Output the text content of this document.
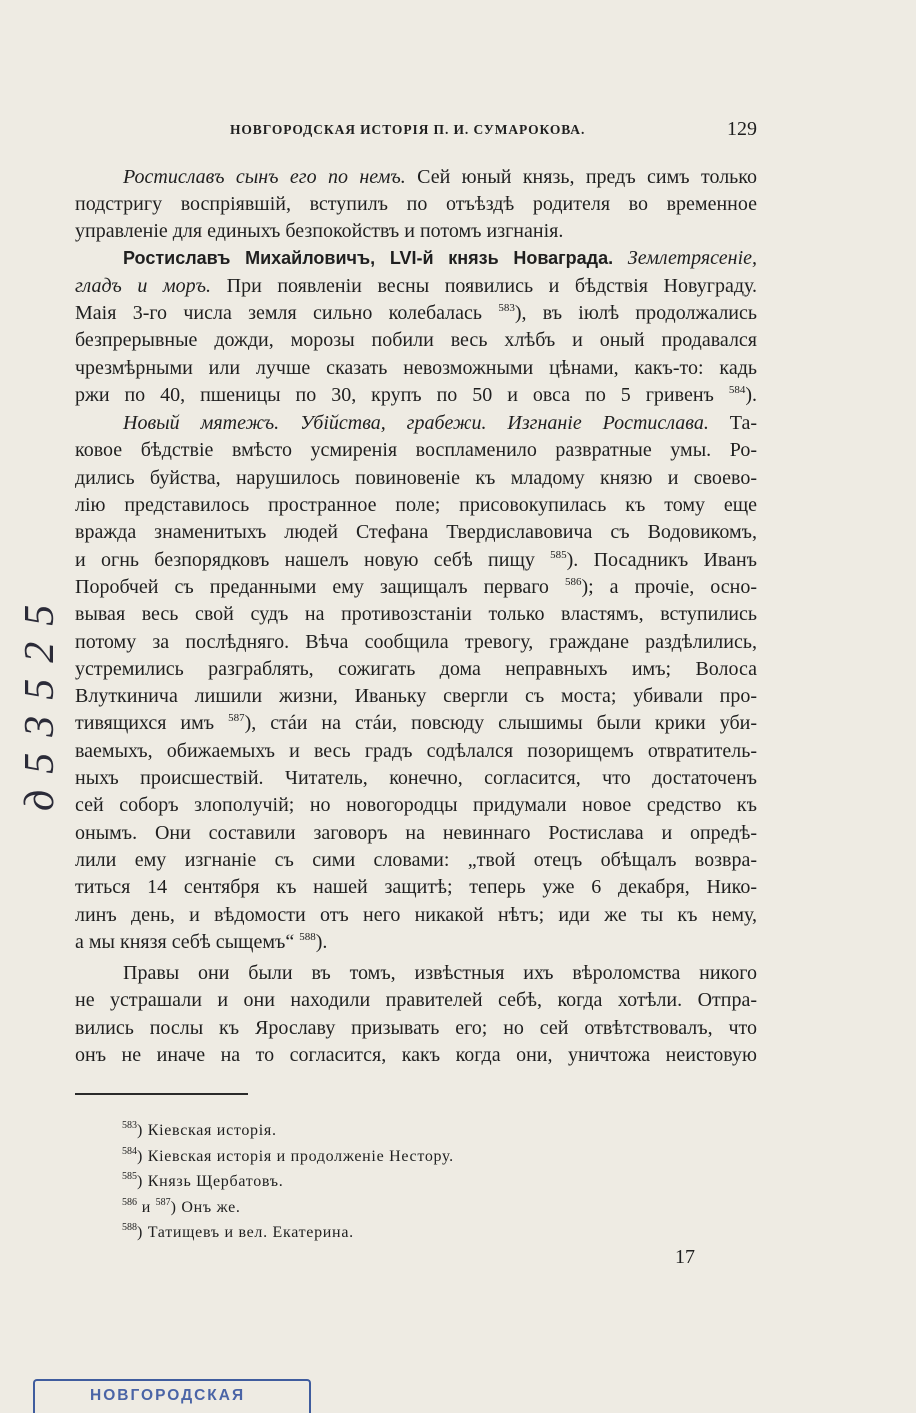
НОВГОРОДСКАЯ ИСТОРІЯ П. И. СУМАРОКОВА.	129
Ростиславъ сынъ его по немъ. Сей юный князь, предъ симъ только
подстригу воспріявшій, вступилъ по отъѣздѣ родителя во временное
управленіе для единыхъ безпокойствъ и потомъ изгнанія.
Ростиславъ Михайловичъ, LVI-й князь Новаграда. Землетрясеніе,
гладъ и моръ. При появленіи весны появились и бѣдствія Новуграду.
Маія 3-го числа земля сильно колебалась $^{583}$), въ іюлѣ продолжались
безпрерывные дожди, морозы побили весь хлѣбъ и оный продавался
чрезмѣрными или лучше сказать невозможными цѣнами, какъ-то: кадь
ржи по 40, пшеницы по 30, крупъ по 50 и овса по 5 гривенъ $^{584}$).
Новый мятежъ. Убійства, грабежи. Изгнаніе Ростислава. Та-
ковое бѣдствіе вмѣсто усмиренія воспламенило развратные умы. Ро-
дились буйства, нарушилось повиновеніе къ младому князю и своево-
лію представилось пространное поле; присовокупилась къ тому еще
вражда знаменитыхъ людей Стефана Твердиславовича съ Водовикомъ,
и огнь безпорядковъ нашелъ новую себѣ пищу $^{585}$). Посадникъ Иванъ
Поробчей съ преданными ему защищалъ перваго $^{586}$); а прочіе, осно-
вывая весь свой судъ на противозстаніи только властямъ, вступились
потому за послѣдняго. Вѣча сообщила тревогу, граждане раздѣлились,
устремились разграблять, сожигать дома неправныхъ имъ; Волоса
Влуткинича лишили жизни, Иваньку свергли съ моста; убивали про-
тивящихся имъ $^{587}$), стáи на стáи, повсюду слышимы были крики уби-
ваемыхъ, обижаемыхъ и весь градъ содѣлался позорищемъ отвратитель-
ныхъ происшествій. Читатель, конечно, согласится, что достаточенъ
сей соборъ злополучій; но новогородцы придумали новое средство къ
онымъ. Они составили заговоръ на невиннаго Ростислава и опредѣ-
лили ему изгнаніе съ сими словами: „твой отецъ обѣщалъ возвра-
титься 14 сентября къ нашей защитѣ; теперь уже 6 декабря, Нико-
линъ день, и вѣдомости отъ него никакой нѣтъ; иди же ты къ нему,
а мы князя себѣ сыщемъ“ $^{588}$).
Правы они были въ томъ, извѣстныя ихъ вѣроломства никого
не устрашали и они находили правителей себѣ, когда хотѣли. Отпра-
вились послы къ Ярославу призывать его; но сей отвѣтствовалъ, что
онъ не иначе на то согласится, какъ когда они, уничтожа неистовую
$^{583}$) Кіевская исторія.
$^{584}$) Кіевская исторія и продолженіе Нестору.
$^{585}$) Князь Щербатовъ.
$^{586}$ и $^{587}$) Онъ же.
$^{588}$) Татищевъ и вел. Екатерина.
17
д53525
НОВГОРОДСКАЯ
